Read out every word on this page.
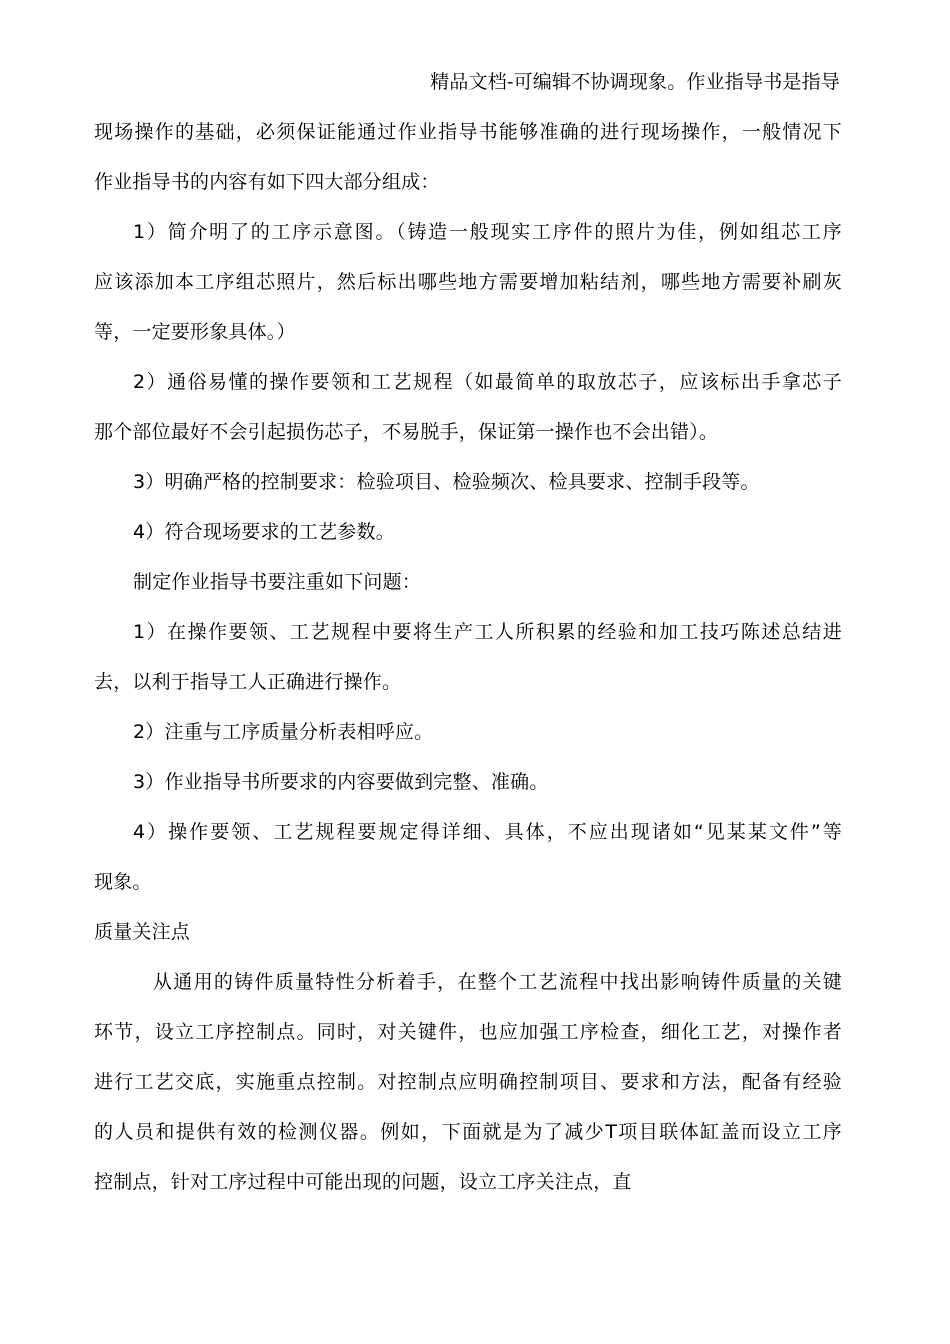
精品文档-可编辑不协调现象。作业指导书是指导
现场操作的基础，必须保证能通过作业指导书能够准确的进行现场操作，一般情况下
作业指导书的内容有如下四大部分组成：
1）简介明了的工序示意图。（铸造一般现实工序件的照片为佳，例如组芯工序
应该添加本工序组芯照片，然后标出哪些地方需要增加粘结剂，哪些地方需要补刷灰
等，一定要形象具体。）
2）通俗易懂的操作要领和工艺规程（如最简单的取放芯子，应该标出手拿芯子
那个部位最好不会引起损伤芯子，不易脱手，保证第一操作也不会出错）。
3）明确严格的控制要求：检验项目、检验频次、检具要求、控制手段等。
4）符合现场要求的工艺参数。
制定作业指导书要注重如下问题：
1）在操作要领、工艺规程中要将生产工人所积累的经验和加工技巧陈述总结进
去，以利于指导工人正确进行操作。
2）注重与工序质量分析表相呼应。
3）作业指导书所要求的内容要做到完整、准确。
4）操作要领、工艺规程要规定得详细、具体，不应出现诸如“见某某文件”等
现象。
质量关注点
从通用的铸件质量特性分析着手，在整个工艺流程中找出影响铸件质量的关键
环节，设立工序控制点。同时，对关键件，也应加强工序检查，细化工艺，对操作者
进行工艺交底，实施重点控制。对控制点应明确控制项目、要求和方法，配备有经验
的人员和提供有效的检测仪器。例如，下面就是为了减少T项目联体缸盖而设立工序
控制点，针对工序过程中可能出现的问题，设立工序关注点，直
